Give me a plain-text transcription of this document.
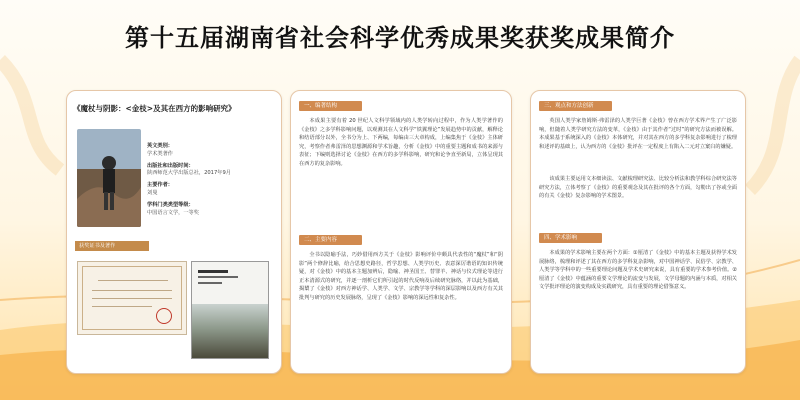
第十五届湖南省社会科学优秀成果奖获奖成果简介
《魔杖与阴影：<金枝>及其在西方的影响研究》
英文类别：
学术类著作
出版社和出版时间：
陕西师范大学出版总社，2017年9月
主要作者：
刘曼
学科门类类型等级：
中国语言文学，一等奖
获奖证书及著作
一、编著结构
本成果主要有着 20 世纪人文科学领域内的人类学转向过程中，作为人类学著作的《金枝》之多学科影响问题，以观测其在人文科学“铁翼理论”发展趋势中的贡献，解释论和结语部分以外，全书分为上、下两编，每编由三大章构成，上编集焦于《金枝》主体研究，考察作者弗雷泽的思想渊源和学术旨趣，分析《金枝》中的重要主题和成书的来源与表征；下编则选择讨论《金枝》在西方的多学科影响，研究和论争直至新局，立体呈现其在西方的复杂影响。
二、主要内容
全书以隐喻手法，巧妙借用西方关于《金枝》影响评价中颇具代表性的“魔杖”和“阴影”两个修辞比喻，给合思想史路径，哲学思想、人类学历史、表意深厉谐语的知识传统疑，对《金枝》中的基本主题加辨后，隐喻、神圣国王、替罪羊、神话与仪式理论等进行正本清源式的研究，并逐一剖析它们所引起的时代反响及后续研究脉络，并以此为基础，揭橥了《金枝》对西方神话学、人类学、文学、宗教学等学科的深层影响以及西方有关其批判与研究的历史发展脉络，呈现了《金枝》影响的深远性和复杂性。
三、观点和方法创新
英国人类学家詹姆斯·弗雷泽的人类学巨著《金枝》曾在西方学术界产生了广泛影响，但随着人类学研究方法的变革，《金枝》由于其作者“过时”的研究方法而被误解。本成果基于系统深入的《金枝》本体研究，并对其在西方的多学科复杂影响进行了梳理和述评的基础上，认为西方的《金枝》批评在一定程度上有陷入二元对立窠臼的嫌疑。
该成果主要运用文本细读法、文献梳理研究法、比较分析法和教学科综合研究法等研究方法，立体考察了《金枝》的重要观念及其在批评的各个方面，勾勒出了谷或全面的有关《金枝》复杂影响的学术图景。
四、学术影响
本成果的学术影响主要在两个方面：①厘清了《金枝》中的基本主题及获得学术发展脉络，梳理和评述了其在西方的多学科复杂影响，对中国神话学、民俗学、宗教学、人类学等学科中的一些重要理论问题及学术史研究来说，具有重要的学术参考价值。②厘清了《金枝》中蕴涵的重要文学理论的流变与发展，文学母题的内涵与本质，对相关文学批评理论的演变构成及实践研究，具有重要的理论借鉴意义。
